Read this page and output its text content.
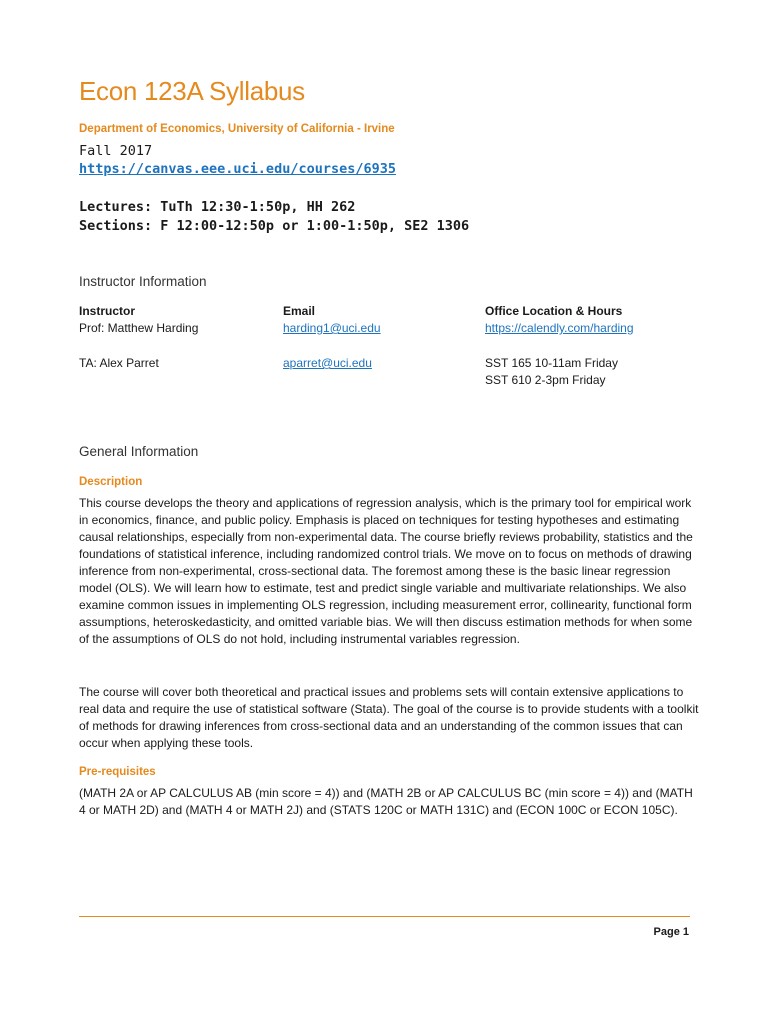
Econ 123A Syllabus
Department of Economics, University of California - Irvine
Fall 2017
https://canvas.eee.uci.edu/courses/6935
Lectures: TuTh 12:30-1:50p, HH 262
Sections: F 12:00-12:50p or 1:00-1:50p, SE2 1306
Instructor Information
Instructor
Prof: Matthew Harding
TA: Alex Parret
Email
harding1@uci.edu
aparret@uci.edu
Office Location & Hours
https://calendly.com/harding
SST 165 10-11am Friday
SST 610 2-3pm Friday
General Information
Description

This course develops the theory and applications of regression analysis, which is the primary tool for empirical work in economics, finance, and public policy. Emphasis is placed on techniques for testing hypotheses and estimating causal relationships, especially from non-experimental data. The course briefly reviews probability, statistics and the foundations of statistical inference, including randomized control trials. We move on to focus on methods of drawing inference from non-experimental, cross-sectional data. The foremost among these is the basic linear regression model (OLS). We will learn how to estimate, test and predict single variable and multivariate relationships. We also examine common issues in implementing OLS regression, including measurement error, collinearity, functional form assumptions, heteroskedasticity, and omitted variable bias. We will then discuss estimation methods for when some of the assumptions of OLS do not hold, including instrumental variables regression.

The course will cover both theoretical and practical issues and problems sets will contain extensive applications to real data and require the use of statistical software (Stata). The goal of the course is to provide students with a toolkit of methods for drawing inferences from cross-sectional data and an understanding of the common issues that can occur when applying these tools.

Pre-requisites

(MATH 2A or AP CALCULUS AB (min score = 4)) and (MATH 2B or AP CALCULUS BC (min score = 4)) and (MATH 4 or MATH 2D) and (MATH 4 or MATH 2J) and (STATS 120C or MATH 131C) and (ECON 100C or ECON 105C).

Page 1
